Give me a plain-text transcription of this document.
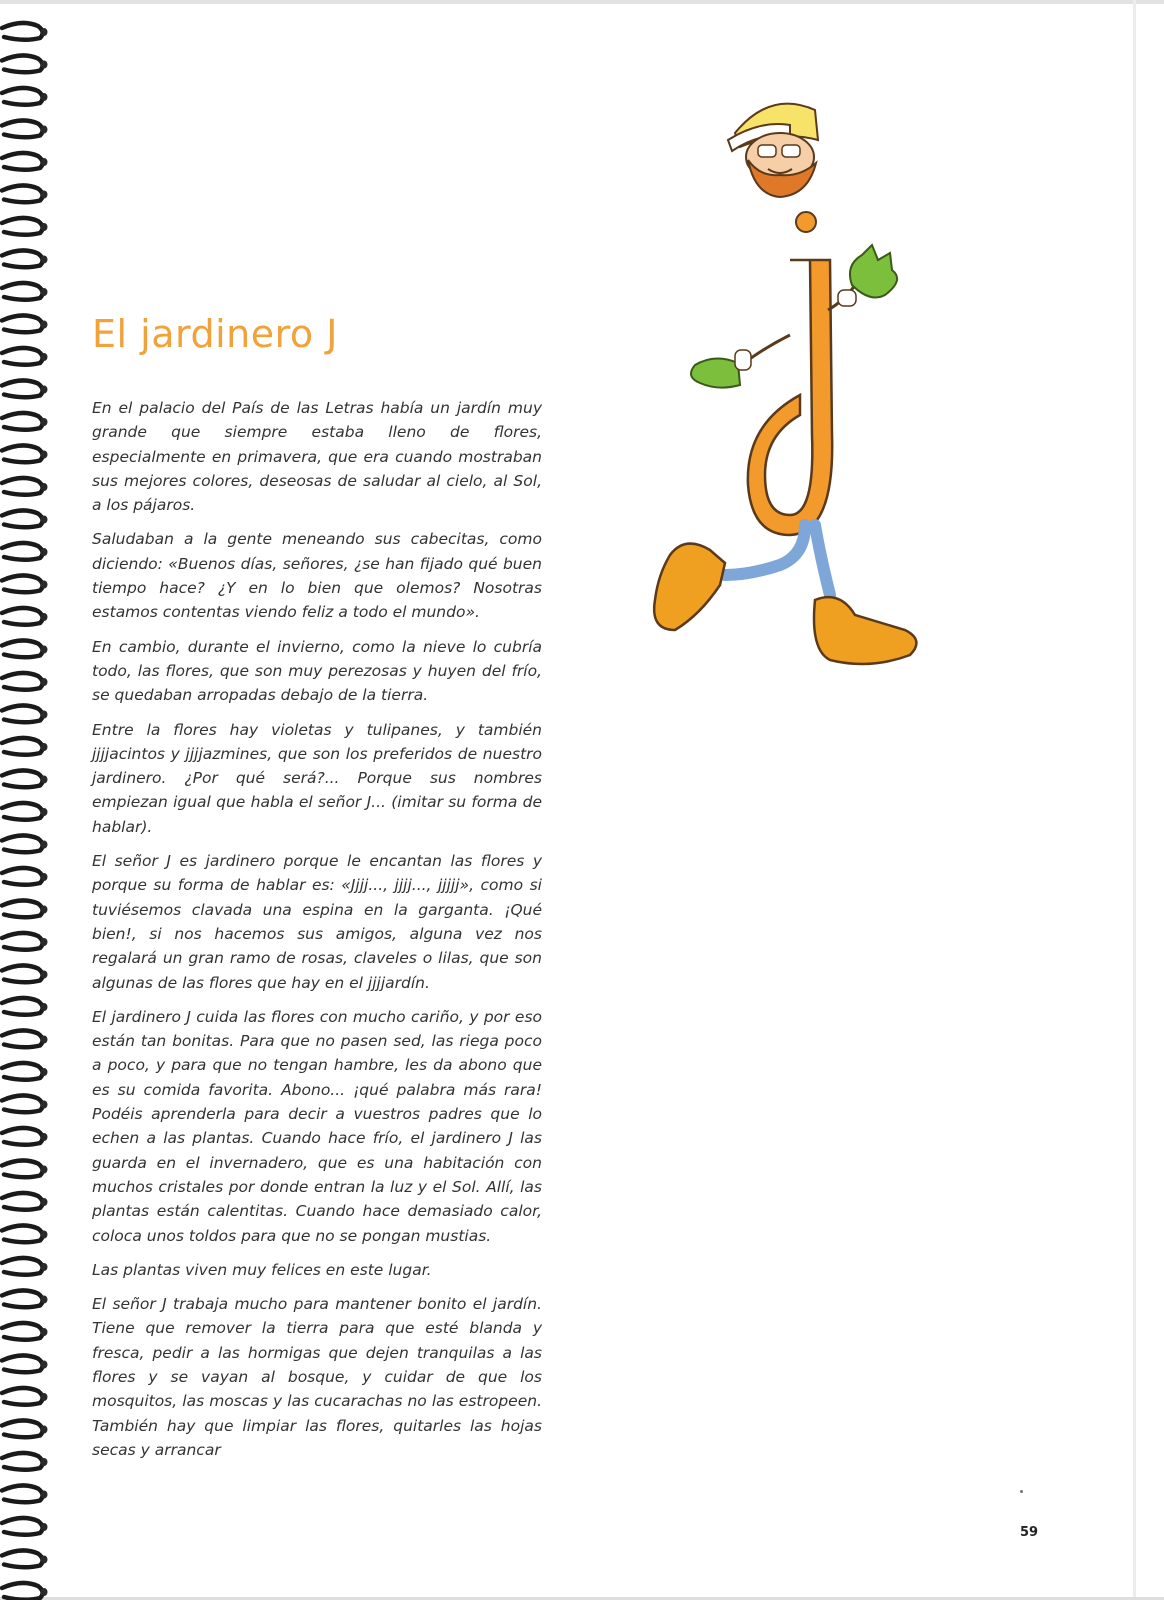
El jardinero J

En el palacio del País de las Letras había un jardín muy grande que siempre estaba lleno de flores, especialmente en primavera, que era cuando mostraban sus mejores colores, deseosas de saludar al cielo, al Sol, a los pájaros.

Saludaban a la gente meneando sus cabecitas, como diciendo: «Buenos días, señores, ¿se han fijado qué buen tiempo hace? ¿Y en lo bien que olemos? Nosotras estamos contentas viendo feliz a todo el mundo».

En cambio, durante el invierno, como la nieve lo cubría todo, las flores, que son muy perezosas y huyen del frío, se quedaban arropadas debajo de la tierra.

Entre la flores hay violetas y tulipanes, y también jjjjacintos y jjjjazmines, que son los preferidos de nuestro jardinero. ¿Por qué será?... Porque sus nombres empiezan igual que habla el señor J... (imitar su forma de hablar).

El señor J es jardinero porque le encantan las flores y porque su forma de hablar es: «Jjjj..., jjjj..., jjjjj», como si tuviésemos clavada una espina en la garganta. ¡Qué bien!, si nos hacemos sus amigos, alguna vez nos regalará un gran ramo de rosas, claveles o lilas, que son algunas de las flores que hay en el jjjjardín.

El jardinero J cuida las flores con mucho cariño, y por eso están tan bonitas. Para que no pasen sed, las riega poco a poco, y para que no tengan hambre, les da abono que es su comida favorita. Abono... ¡qué palabra más rara! Podéis aprenderla para decir a vuestros padres que lo echen a las plantas. Cuando hace frío, el jardinero J las guarda en el invernadero, que es una habitación con muchos cristales por donde entran la luz y el Sol. Allí, las plantas están calentitas. Cuando hace demasiado calor, coloca unos toldos para que no se pongan mustias.

Las plantas viven muy felices en este lugar.

El señor J trabaja mucho para mantener bonito el jardín. Tiene que remover la tierra para que esté blanda y fresca, pedir a las hormigas que dejen tranquilas a las flores y se vayan al bosque, y cuidar de que los mosquitos, las moscas y las cucarachas no las estropeen. También hay que limpiar las flores, quitarles las hojas secas y arrancar

59
